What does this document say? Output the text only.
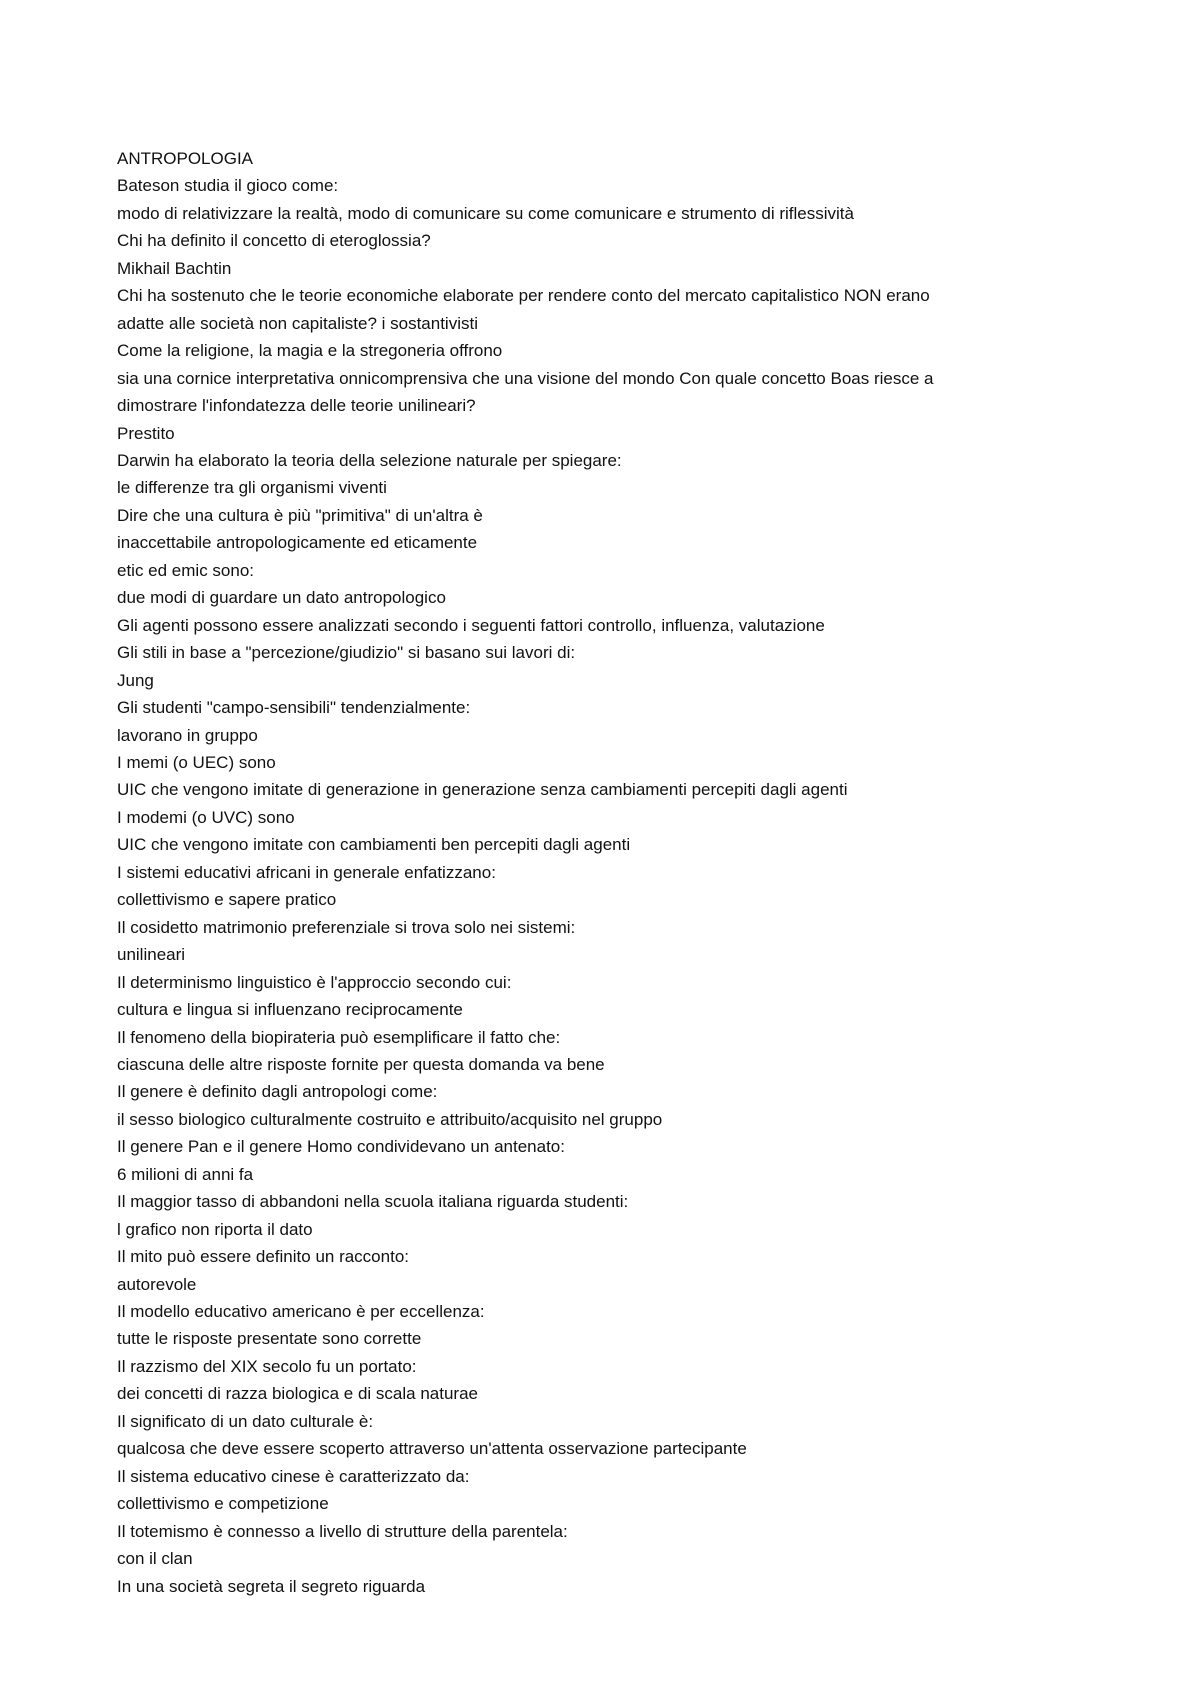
ANTROPOLOGIA
Bateson studia il gioco come:
modo di relativizzare la realtà, modo di comunicare su come comunicare e strumento di riflessività
Chi ha definito il concetto di eteroglossia?
Mikhail Bachtin
Chi ha sostenuto che le teorie economiche elaborate per rendere conto del mercato capitalistico NON erano
adatte alle società non capitaliste? i sostantivisti
Come la religione, la magia e la stregoneria offrono
sia una cornice interpretativa onnicomprensiva che una visione del mondo Con quale concetto Boas riesce a
dimostrare l'infondatezza delle teorie unilineari?
Prestito
Darwin ha elaborato la teoria della selezione naturale per spiegare:
le differenze tra gli organismi viventi
Dire che una cultura è più "primitiva" di un'altra è
inaccettabile antropologicamente ed eticamente
etic ed emic sono:
due modi di guardare un dato antropologico
Gli agenti possono essere analizzati secondo i seguenti fattori controllo, influenza, valutazione
Gli stili in base a "percezione/giudizio" si basano sui lavori di:
Jung
Gli studenti "campo-sensibili" tendenzialmente:
lavorano in gruppo
I memi (o UEC) sono
UIC che vengono imitate di generazione in generazione senza cambiamenti percepiti dagli agenti
I modemi (o UVC) sono
UIC che vengono imitate con cambiamenti ben percepiti dagli agenti
I sistemi educativi africani in generale enfatizzano:
collettivismo e sapere pratico
Il cosidetto matrimonio preferenziale si trova solo nei sistemi:
unilineari
Il determinismo linguistico è l'approccio secondo cui:
cultura e lingua si influenzano reciprocamente
Il fenomeno della biopirateria può esemplificare il fatto che:
ciascuna delle altre risposte fornite per questa domanda va bene
Il genere è definito dagli antropologi come:
il sesso biologico culturalmente costruito e attribuito/acquisito nel gruppo
Il genere Pan e il genere Homo condividevano un antenato:
6 milioni di anni fa
Il maggior tasso di abbandoni nella scuola italiana riguarda studenti:
l grafico non riporta il dato
Il mito può essere definito un racconto:
autorevole
Il modello educativo americano è per eccellenza:
tutte le risposte presentate sono corrette
Il razzismo del XIX secolo fu un portato:
dei concetti di razza biologica e di scala naturae
Il significato di un dato culturale è:
qualcosa che deve essere scoperto attraverso un'attenta osservazione partecipante
Il sistema educativo cinese è caratterizzato da:
collettivismo e competizione
Il totemismo è connesso a livello di strutture della parentela:
con il clan
In una società segreta il segreto riguarda
